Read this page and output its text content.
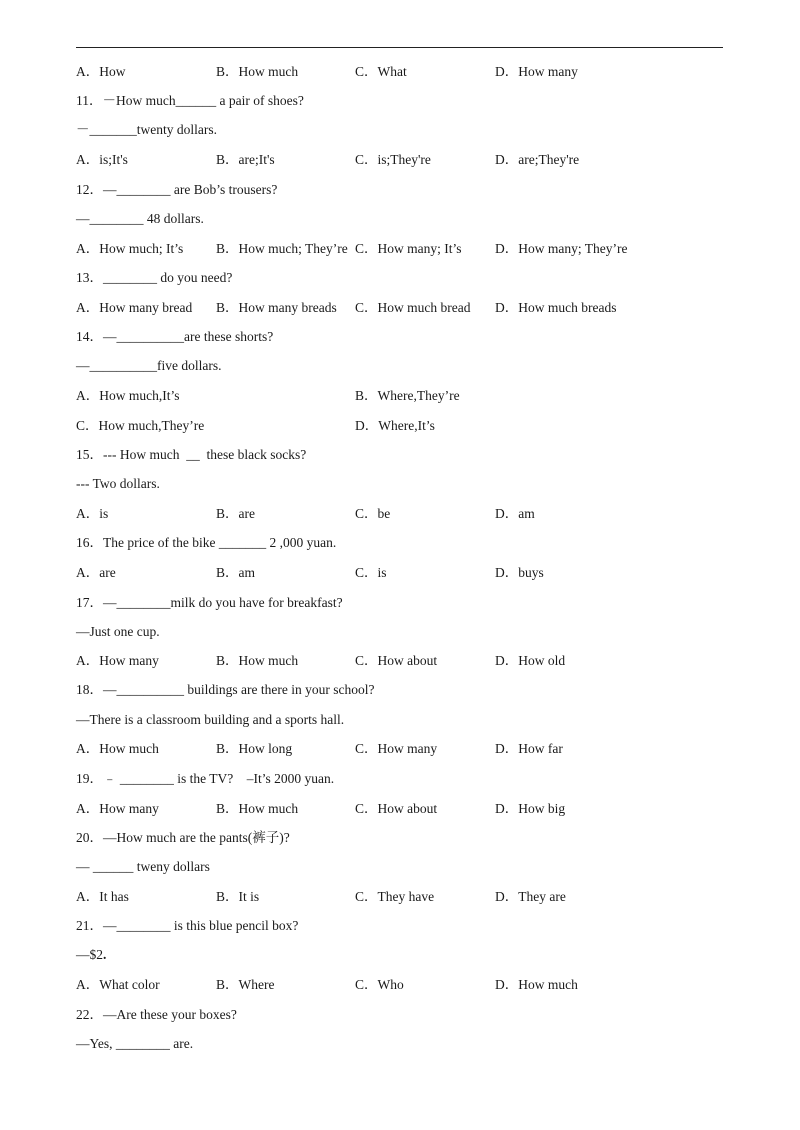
A．How	B．How much	C．What	D．How many
11．－How much______ a pair of shoes?
－_______twenty dollars.
A．is;It's	B．are;It's	C．is;They're	D．are;They're
12．—________ are Bob’s trousers?
—________ 48 dollars.
A．How much; It’s B．How much; They’re C．How many; It’s D．How many; They’re
13．________ do you need?
A．How many bread B．How many breads C．How much bread D．How much breads
14．—__________are these shorts?
—__________five dollars.
A．How much,It’s	B．Where,They’re
C．How much,They’re	D．Where,It’s
15．--- How much  __  these black socks?
--- Two dollars.
A．is	B．are	C．be	D．am
16．The price of the bike _______ 2 ,000 yuan.
A．are	B．am	C．is	D．buys
17．—________milk do you have for breakfast?
—Just one cup.
A．How many	B．How much	C．How about	D．How old
18．—__________ buildings are there in your school?
—There is a classroom building and a sports hall.
A．How much	B．How long	C．How many	D．How far
19．﹣ ________ is the TV?    –It’s 2000 yuan.
A．How many	B．How much	C．How about	D．How big
20．—How much are the pants(裤子)?
— ______ tweny dollars
A．It has	B．It is	C．They have	D．They are
21．—________ is this blue pencil box?
—$2.
A．What color	B．Where	C．Who	D．How much
22．—Are these your boxes?
—Yes, ________ are.
